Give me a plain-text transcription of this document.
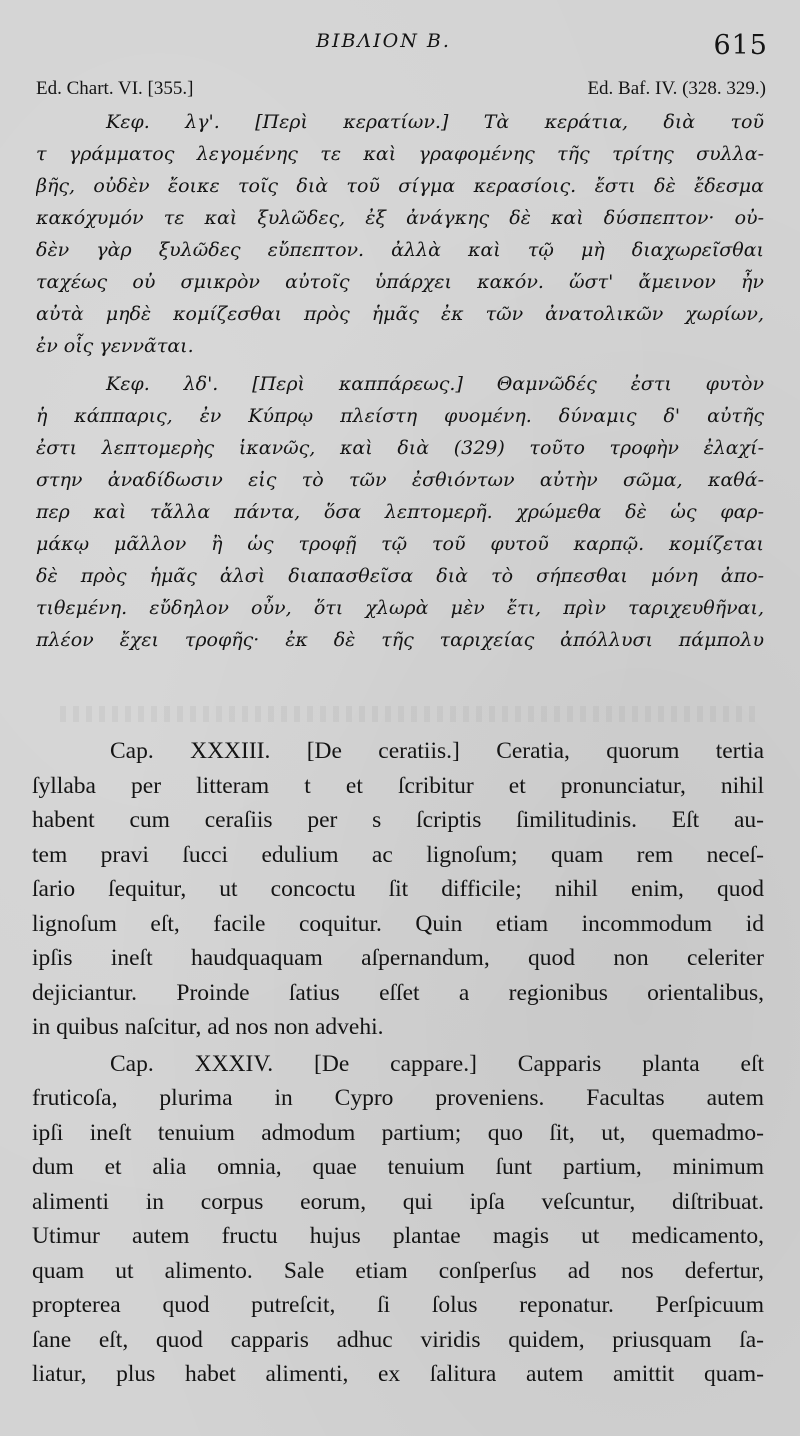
ΒΙΒΛΙΟΝ Β.	615
Ed. Chart. VI. [355.]	Ed. Baf. IV. (328. 329.)
Κεφ. λγ'. [Περὶ κερατίων.] Τὰ κεράτια, διὰ τοῦ
τ γράμματος λεγομένης τε καὶ γραφομένης τῆς τρίτης συλλα-
βῆς, οὐδὲν ἔοικε τοῖς διὰ τοῦ σίγμα κερασίοις. ἔστι δὲ ἔδεσμα
κακόχυμόν τε καὶ ξυλῶδες, ἐξ ἀνάγκης δὲ καὶ δύσπεπτον· οὐ-
δὲν γὰρ ξυλῶδες εὔπεπτον. ἀλλὰ καὶ τῷ μὴ διαχωρεῖσθαι
ταχέως οὐ σμικρὸν αὐτοῖς ὑπάρχει κακόν. ὥστ' ἄμεινον ἦν
αὐτὰ μηδὲ κομίζεσθαι πρὸς ἡμᾶς ἐκ τῶν ἀνατολικῶν χωρίων,
ἐν οἷς γεννᾶται.
Κεφ. λδ'. [Περὶ καππάρεως.] Θαμνῶδές ἐστι φυτὸν
ἡ κάππαρις, ἐν Κύπρῳ πλείστη φυομένη. δύναμις δ' αὐτῆς
ἐστι λεπτομερὴς ἱκανῶς, καὶ διὰ (329) τοῦτο τροφὴν ἐλαχί-
στην ἀναδίδωσιν εἰς τὸ τῶν ἐσθιόντων αὐτὴν σῶμα, καθά-
περ καὶ τἄλλα πάντα, ὅσα λεπτομερῆ. χρώμεθα δὲ ὡς φαρ-
μάκῳ μᾶλλον ἢ ὡς τροφῇ τῷ τοῦ φυτοῦ καρπῷ. κομίζεται
δὲ πρὸς ἡμᾶς ἁλσὶ διαπασθεῖσα διὰ τὸ σήπεσθαι μόνη ἀπο-
τιθεμένη. εὔδηλον οὖν, ὅτι χλωρὰ μὲν ἔτι, πρὶν ταριχευθῆναι,
πλέον ἔχει τροφῆς· ἐκ δὲ τῆς ταριχείας ἀπόλλυσι πάμπολυ
Cap. XXXIII. [De ceratiis.] Ceratia, quorum tertia
ſyllaba per litteram t et ſcribitur et pronunciatur, nihil
habent cum ceraſiis per s ſcriptis ſimilitudinis. Eſt au-
tem pravi ſucci edulium ac lignoſum; quam rem neceſ-
ſario ſequitur, ut concoctu ſit difficile; nihil enim, quod
lignoſum eſt, facile coquitur. Quin etiam incommodum id
ipſis ineſt haudquaquam aſpernandum, quod non celeriter
dejiciantur. Proinde ſatius eſſet a regionibus orientalibus,
in quibus naſcitur, ad nos non advehi.
Cap. XXXIV. [De cappare.] Capparis planta eſt
fruticoſa, plurima in Cypro proveniens. Facultas autem
ipſi ineſt tenuium admodum partium; quo ſit, ut, quemadmo-
dum et alia omnia, quae tenuium ſunt partium, minimum
alimenti in corpus eorum, qui ipſa veſcuntur, diſtribuat.
Utimur autem fructu hujus plantae magis ut medicamento,
quam ut alimento. Sale etiam conſperſus ad nos defertur,
propterea quod putreſcit, ſi ſolus reponatur. Perſpicuum
ſane eſt, quod capparis adhuc viridis quidem, priusquam ſa-
liatur, plus habet alimenti, ex ſalitura autem amittit quam-
